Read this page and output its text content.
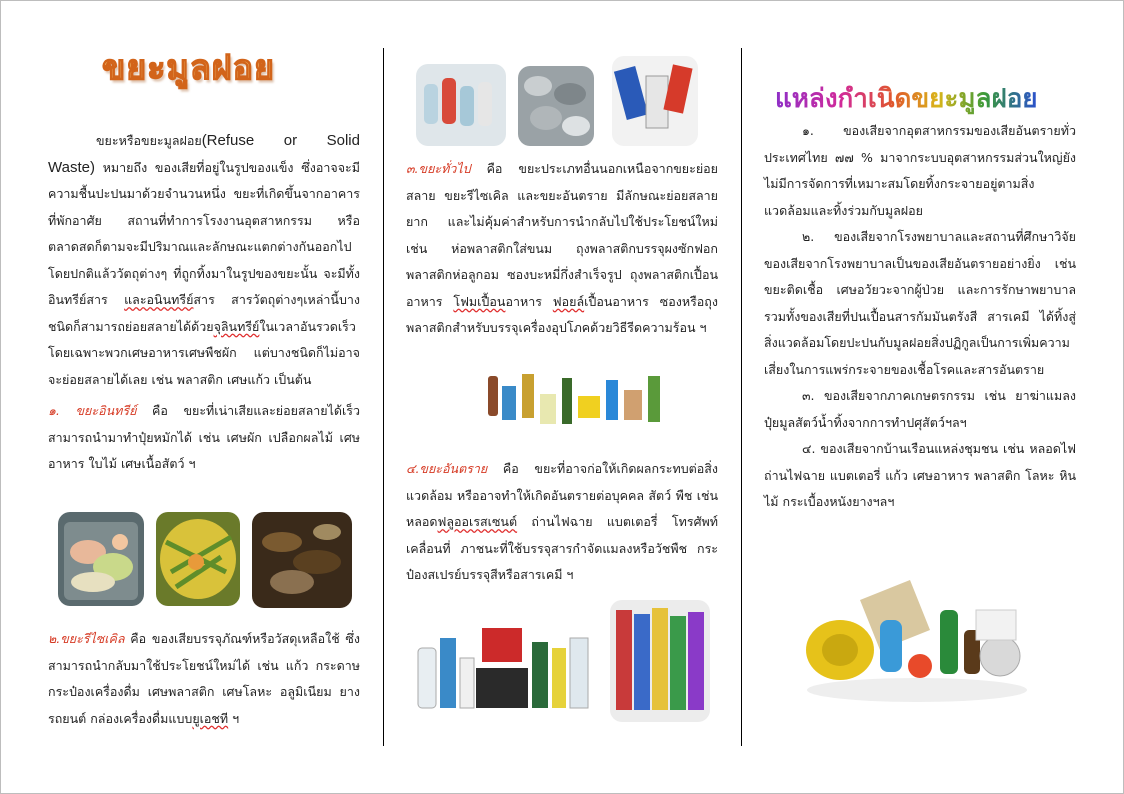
ขยะมูลฝอย

ขยะหรือขยะมูลฝอย(Refuse or Solid Waste) หมายถึง ของเสียที่อยู่ในรูปของแข็ง ซึ่งอาจจะมีความชื้นปะปนมาด้วยจำนวนหนึ่ง ขยะที่เกิดขึ้นจากอาคารที่พักอาศัย สถานที่ทำการโรงงานอุตสาหกรรม หรือตลาดสดก็ตามจะมีปริมาณและลักษณะแตกต่างกันออกไป โดยปกติแล้ววัตถุต่างๆ ที่ถูกทิ้งมาในรูปของขยะนั้น จะมีทั้งอินทรีย์สาร และอนินทรีย์สาร สารวัตถุต่างๆเหล่านี้บางชนิดก็สามารถย่อยสลายได้ด้วยจุลินทรีย์ในเวลาอันรวดเร็ว โดยเฉพาะพวกเศษอาหารเศษพืชผัก แต่บางชนิดก็ไม่อาจจะย่อยสลายได้เลย เช่น พลาสติก เศษแก้ว เป็นต้น

๑. ขยะอินทรีย์ คือ ขยะที่เน่าเสียและย่อยสลายได้เร็ว สามารถนำมาทำปุ๋ยหมักได้ เช่น เศษผัก เปลือกผลไม้ เศษอาหาร ใบไม้ เศษเนื้อสัตว์ ฯ

๒.ขยะรีไซเคิล คือ ของเสียบรรจุภัณฑ์หรือวัสดุเหลือใช้ ซึ่งสามารถนำกลับมาใช้ประโยชน์ใหม่ได้ เช่น แก้ว กระดาษ กระป๋องเครื่องดื่ม เศษพลาสติก เศษโลหะ อลูมิเนียม ยางรถยนต์ กล่องเครื่องดื่มแบบยูเอชที ฯ

๓.ขยะทั่วไป คือ ขยะประเภทอื่นนอกเหนือจากขยะย่อยสลาย ขยะรีไซเคิล และขยะอันตราย มีลักษณะย่อยสลายยาก และไม่คุ้มค่าสำหรับการนำกลับไปใช้ประโยชน์ใหม่ เช่น ห่อพลาสติกใส่ขนม ถุงพลาสติกบรรจุผงซักฟอก พลาสติกห่อลูกอม ซองบะหมี่กึ่งสำเร็จรูป ถุงพลาสติกเปื้อนอาหาร โฟมเปื้อนอาหาร ฟอยล์เปื้อนอาหาร ซองหรือถุงพลาสติกสำหรับบรรจุเครื่องอุปโภคด้วยวิธีรีดความร้อน ฯ

๔.ขยะอันตราย คือ ขยะที่อาจก่อให้เกิดผลกระทบต่อสิ่งแวดล้อม หรืออาจทำให้เกิดอันตรายต่อบุคคล สัตว์ พืช เช่น หลอดฟลูออเรสเซนต์ ถ่านไฟฉาย แบตเตอรี่ โทรศัพท์เคลื่อนที่ ภาชนะที่ใช้บรรจุสารกำจัดแมลงหรือวัชพืช กระป๋องสเปรย์บรรจุสีหรือสารเคมี ฯ

แหล่งกำเนิดขยะมูลฝอย

๑. ของเสียจากอุตสาหกรรมของเสียอันตรายทั่วประเทศไทย ๗๗ % มาจากระบบอุตสาหกรรมส่วนใหญ่ยังไม่มีการจัดการที่เหมาะสมโดยทิ้งกระจายอยู่ตามสิ่งแวดล้อมและทิ้งร่วมกับมูลฝอย

๒. ของเสียจากโรงพยาบาลและสถานที่ศึกษาวิจัย ของเสียจากโรงพยาบาลเป็นของเสียอันตรายอย่างยิ่ง เช่น ขยะติดเชื้อ เศษอวัยวะจากผู้ป่วย และการรักษาพยาบาล รวมทั้งของเสียที่ปนเปื้อนสารกัมมันตรังสี สารเคมี ได้ทิ้งสู่สิ่งแวดล้อมโดยปะปนกับมูลฝอยสิ่งปฏิกูลเป็นการเพิ่มความเสี่ยงในการแพร่กระจายของเชื้อโรคและสารอันตราย

๓. ของเสียจากภาคเกษตรกรรม เช่น ยาฆ่าแมลง ปุ๋ยมูลสัตว์น้ำทิ้งจากการทำปศุสัตว์ฯลฯ

๔. ของเสียจากบ้านเรือนแหล่งชุมชน เช่น หลอดไฟ ถ่านไฟฉาย แบตเตอรี่ แก้ว เศษอาหาร พลาสติก โลหะ หินไม้ กระเบื้องหนังยางฯลฯ
